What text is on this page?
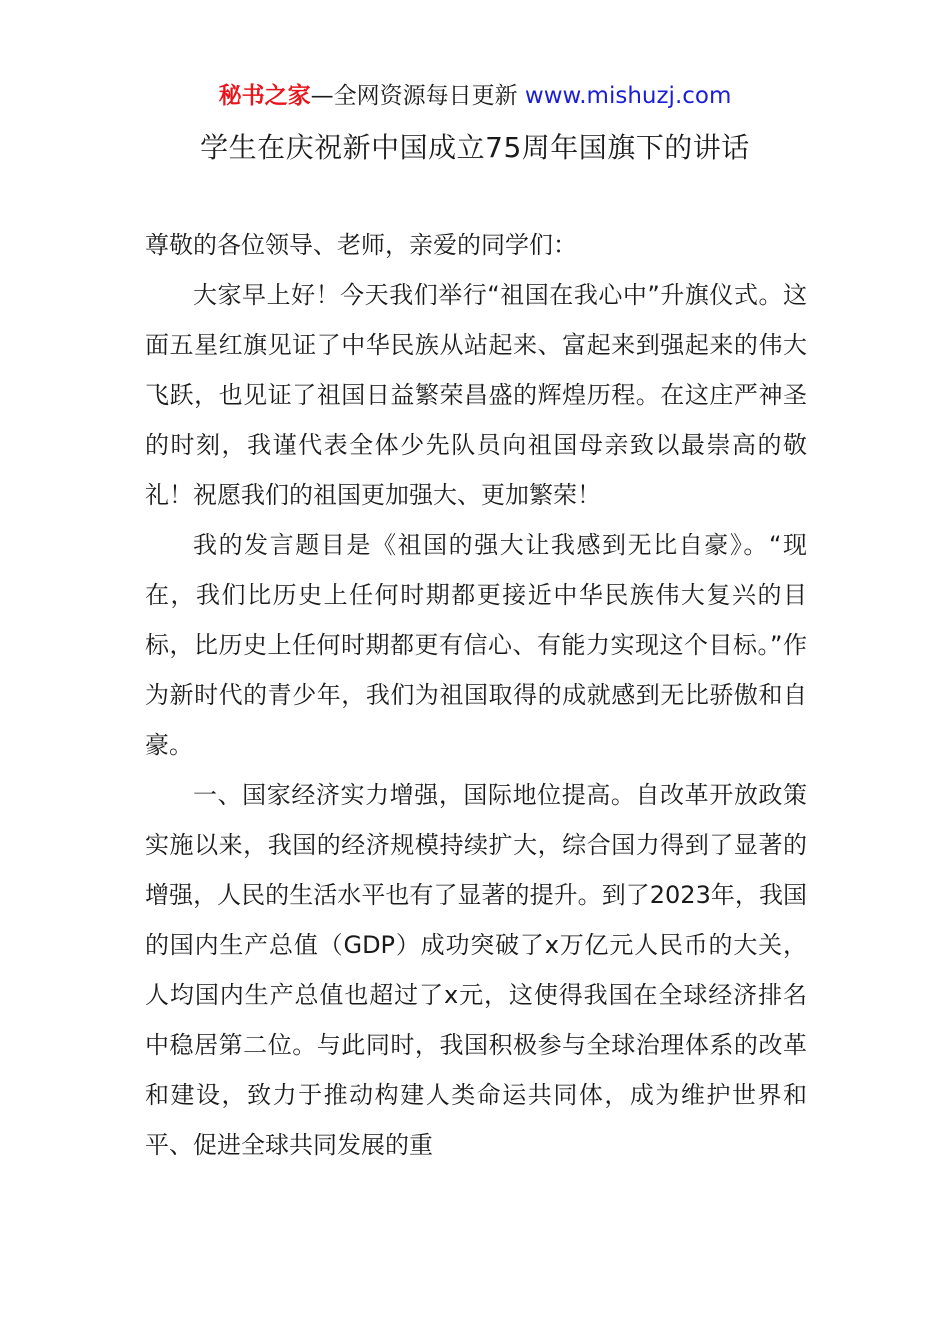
秘书之家—全网资源每日更新 www.mishuzj.com
学生在庆祝新中国成立75周年国旗下的讲话

尊敬的各位领导、老师，亲爱的同学们：

大家早上好！今天我们举行“祖国在我心中”升旗仪式。这面五星红旗见证了中华民族从站起来、富起来到强起来的伟大飞跃，也见证了祖国日益繁荣昌盛的辉煌历程。在这庄严神圣的时刻，我谨代表全体少先队员向祖国母亲致以最崇高的敬礼！祝愿我们的祖国更加强大、更加繁荣！

我的发言题目是《祖国的强大让我感到无比自豪》。“现在，我们比历史上任何时期都更接近中华民族伟大复兴的目标，比历史上任何时期都更有信心、有能力实现这个目标。”作为新时代的青少年，我们为祖国取得的成就感到无比骄傲和自豪。

一、国家经济实力增强，国际地位提高。自改革开放政策实施以来，我国的经济规模持续扩大，综合国力得到了显著的增强，人民的生活水平也有了显著的提升。到了2023年，我国的国内生产总值（GDP）成功突破了x万亿元人民币的大关，人均国内生产总值也超过了x元，这使得我国在全球经济排名中稳居第二位。与此同时，我国积极参与全球治理体系的改革和建设，致力于推动构建人类命运共同体，成为维护世界和平、促进全球共同发展的重
